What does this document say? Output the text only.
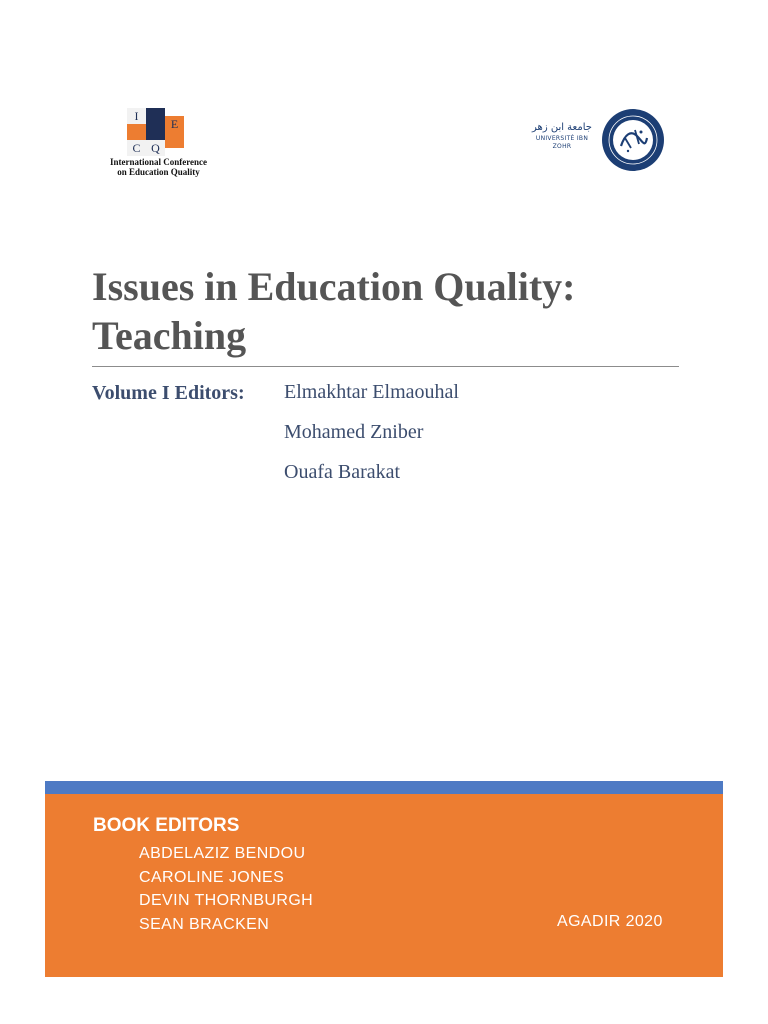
I
E
C Q
International Conference
on Education Quality
جامعة ابن زهر
UNIVERSITÉ IBN ZOHR
Issues in Education Quality:
Teaching
Volume I Editors: Elmakhtar Elmaouhal
Mohamed Zniber
Ouafa Barakat
BOOK EDITORS
ABDELAZIZ BENDOU
CAROLINE JONES
DEVIN THORNBURGH
SEAN BRACKEN	AGADIR 2020
